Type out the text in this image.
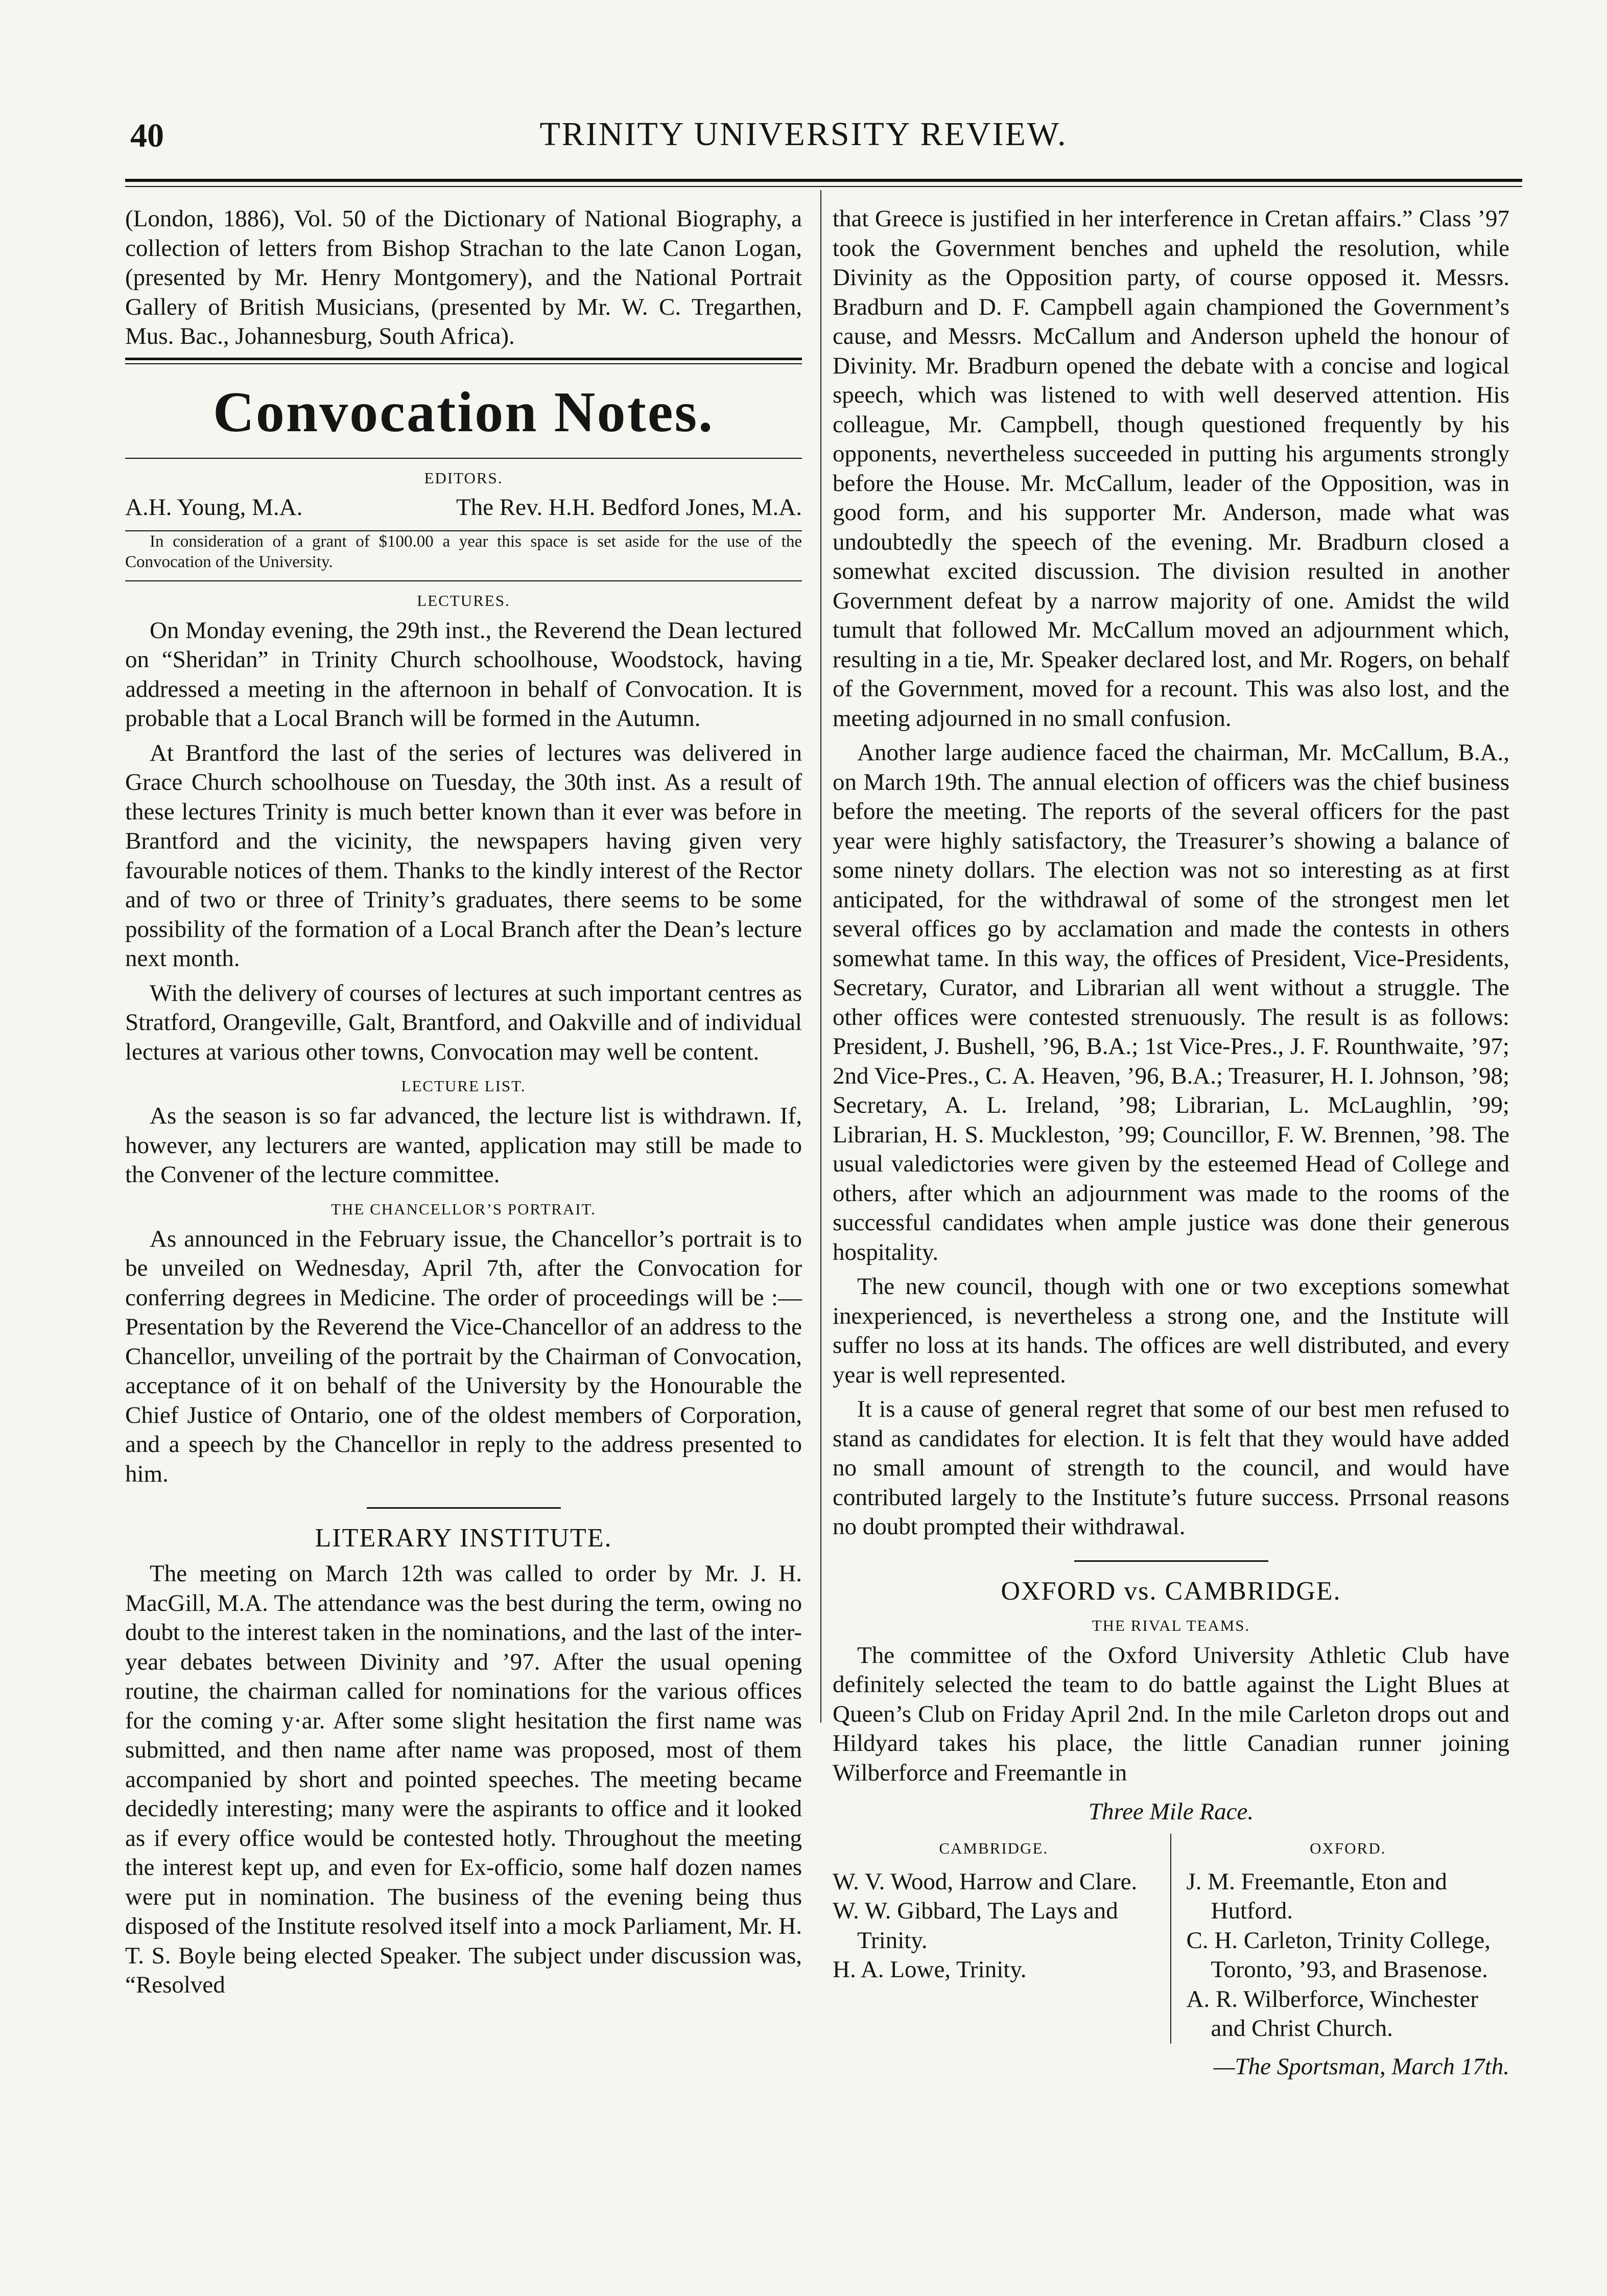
40	TRINITY UNIVERSITY REVIEW.

(London, 1886), Vol. 50 of the Dictionary of National Biography, a collection of letters from Bishop Strachan to the late Canon Logan, (presented by Mr. Henry Montgomery), and the National Portrait Gallery of British Musicians, (presented by Mr. W. C. Tregarthen, Mus. Bac., Johannesburg, South Africa).

Convocation Notes.
EDITORS.
A.H. Young, M.A.	The Rev. H.H. Bedford Jones, M.A.
In consideration of a grant of $100.00 a year this space is set aside for the use of the Convocation of the University.
LECTURES.

On Monday evening, the 29th inst., the Reverend the Dean lectured on “Sheridan” in Trinity Church schoolhouse, Woodstock, having addressed a meeting in the afternoon in behalf of Convocation. It is probable that a Local Branch will be formed in the Autumn.

At Brantford the last of the series of lectures was delivered in Grace Church schoolhouse on Tuesday, the 30th inst. As a result of these lectures Trinity is much better known than it ever was before in Brantford and the vicinity, the newspapers having given very favourable notices of them. Thanks to the kindly interest of the Rector and of two or three of Trinity’s graduates, there seems to be some possibility of the formation of a Local Branch after the Dean’s lecture next month.

With the delivery of courses of lectures at such important centres as Stratford, Orangeville, Galt, Brantford, and Oakville and of individual lectures at various other towns, Convocation may well be content.

LECTURE LIST.

As the season is so far advanced, the lecture list is withdrawn. If, however, any lecturers are wanted, application may still be made to the Convener of the lecture committee.

THE CHANCELLOR’S PORTRAIT.

As announced in the February issue, the Chancellor’s portrait is to be unveiled on Wednesday, April 7th, after the Convocation for conferring degrees in Medicine. The order of proceedings will be :—Presentation by the Reverend the Vice-Chancellor of an address to the Chancellor, unveiling of the portrait by the Chairman of Convocation, acceptance of it on behalf of the University by the Honourable the Chief Justice of Ontario, one of the oldest members of Corporation, and a speech by the Chancellor in reply to the address presented to him.

LITERARY INSTITUTE.

The meeting on March 12th was called to order by Mr. J. H. MacGill, M.A. The attendance was the best during the term, owing no doubt to the interest taken in the nominations, and the last of the inter-year debates between Divinity and ’97. After the usual opening routine, the chairman called for nominations for the various offices for the coming y·ar. After some slight hesitation the first name was submitted, and then name after name was proposed, most of them accompanied by short and pointed speeches. The meeting became decidedly interesting; many were the aspirants to office and it looked as if every office would be contested hotly. Throughout the meeting the interest kept up, and even for Ex-officio, some half dozen names were put in nomination. The business of the evening being thus disposed of the Institute resolved itself into a mock Parliament, Mr. H. T. S. Boyle being elected Speaker. The subject under discussion was, “Resolved

that Greece is justified in her interference in Cretan affairs.” Class ’97 took the Government benches and upheld the resolution, while Divinity as the Opposition party, of course opposed it. Messrs. Bradburn and D. F. Campbell again championed the Government’s cause, and Messrs. McCallum and Anderson upheld the honour of Divinity. Mr. Bradburn opened the debate with a concise and logical speech, which was listened to with well deserved attention. His colleague, Mr. Campbell, though questioned frequently by his opponents, nevertheless succeeded in putting his arguments strongly before the House. Mr. McCallum, leader of the Opposition, was in good form, and his supporter Mr. Anderson, made what was undoubtedly the speech of the evening. Mr. Bradburn closed a somewhat excited discussion. The division resulted in another Government defeat by a narrow majority of one. Amidst the wild tumult that followed Mr. McCallum moved an adjournment which, resulting in a tie, Mr. Speaker declared lost, and Mr. Rogers, on behalf of the Government, moved for a recount. This was also lost, and the meeting adjourned in no small confusion.

Another large audience faced the chairman, Mr. McCallum, B.A., on March 19th. The annual election of officers was the chief business before the meeting. The reports of the several officers for the past year were highly satisfactory, the Treasurer’s showing a balance of some ninety dollars. The election was not so interesting as at first anticipated, for the withdrawal of some of the strongest men let several offices go by acclamation and made the contests in others somewhat tame. In this way, the offices of President, Vice-Presidents, Secretary, Curator, and Librarian all went without a struggle. The other offices were contested strenuously. The result is as follows: President, J. Bushell, ’96, B.A.; 1st Vice-Pres., J. F. Rounthwaite, ’97; 2nd Vice-Pres., C. A. Heaven, ’96, B.A.; Treasurer, H. I. Johnson, ’98; Secretary, A. L. Ireland, ’98; Librarian, L. McLaughlin, ’99; Librarian, H. S. Muckleston, ’99; Councillor, F. W. Brennen, ’98. The usual valedictories were given by the esteemed Head of College and others, after which an adjournment was made to the rooms of the successful candidates when ample justice was done their generous hospitality.

The new council, though with one or two exceptions somewhat inexperienced, is nevertheless a strong one, and the Institute will suffer no loss at its hands. The offices are well distributed, and every year is well represented.

It is a cause of general regret that some of our best men refused to stand as candidates for election. It is felt that they would have added no small amount of strength to the council, and would have contributed largely to the Institute’s future success. Prrsonal reasons no doubt prompted their withdrawal.

OXFORD vs. CAMBRIDGE.
THE RIVAL TEAMS.

The committee of the Oxford University Athletic Club have definitely selected the team to do battle against the Light Blues at Queen’s Club on Friday April 2nd. In the mile Carleton drops out and Hildyard takes his place, the little Canadian runner joining Wilberforce and Freemantle in

Three Mile Race.
CAMBRIDGE.
W. V. Wood, Harrow and Clare.
W. W. Gibbard, The Lays and Trinity.
H. A. Lowe, Trinity.
OXFORD.
J. M. Freemantle, Eton and Hutford.
C. H. Carleton, Trinity College, Toronto, ’93, and Brasenose.
A. R. Wilberforce, Winchester and Christ Church.
—The Sportsman, March 17th.
